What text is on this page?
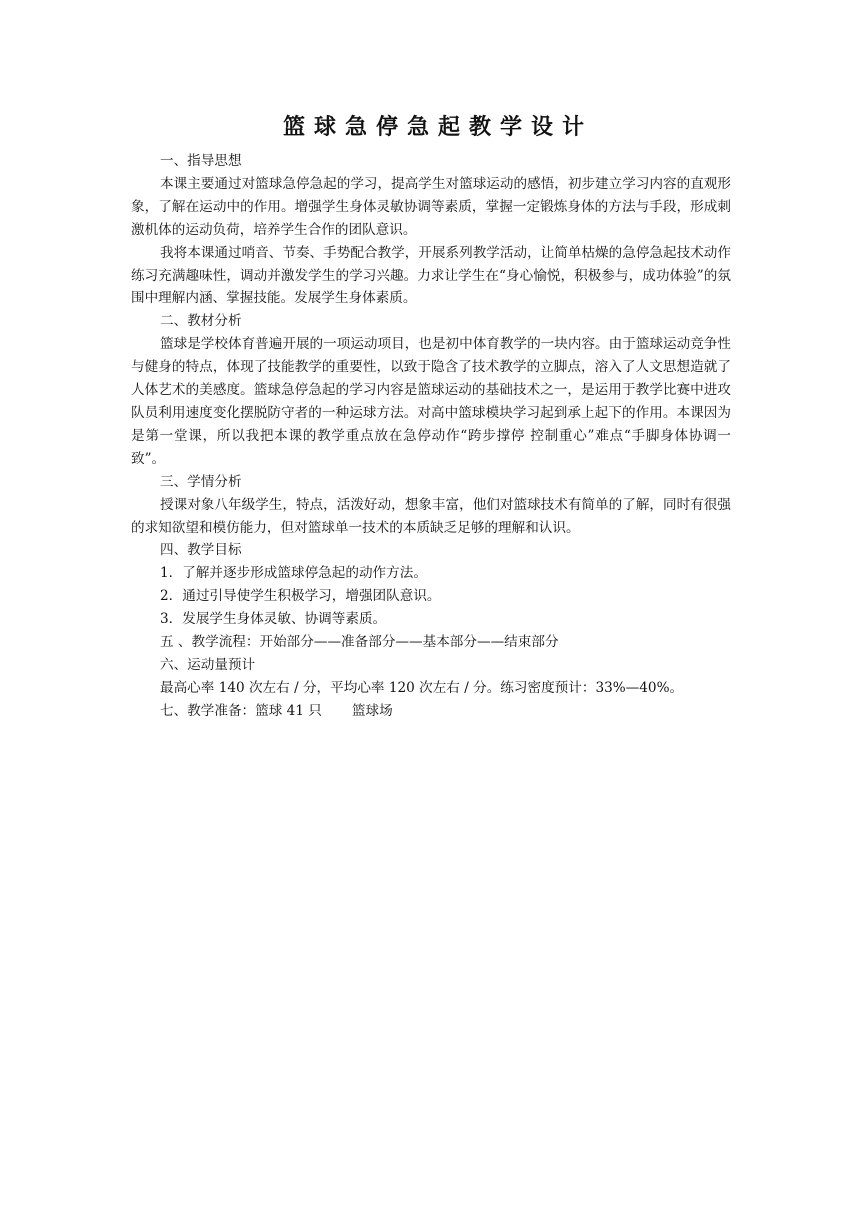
篮球急停急起教学设计

一、指导思想

本课主要通过对篮球急停急起的学习，提高学生对篮球运动的感悟，初步建立学习内容的直观形象，了解在运动中的作用。增强学生身体灵敏协调等素质，掌握一定锻炼身体的方法与手段，形成刺激机体的运动负荷，培养学生合作的团队意识。

我将本课通过哨音、节奏、手势配合教学，开展系列教学活动，让简单枯燥的急停急起技术动作练习充满趣味性，调动并激发学生的学习兴趣。力求让学生在“身心愉悦，积极参与，成功体验”的氛围中理解内涵、掌握技能。发展学生身体素质。

二、教材分析

篮球是学校体育普遍开展的一项运动项目，也是初中体育教学的一块内容。由于篮球运动竞争性与健身的特点，体现了技能教学的重要性，以致于隐含了技术教学的立脚点，溶入了人文思想造就了人体艺术的美感度。篮球急停急起的学习内容是篮球运动的基础技术之一，是运用于教学比赛中进攻队员利用速度变化摆脱防守者的一种运球方法。对高中篮球模块学习起到承上起下的作用。本课因为是第一堂课，所以我把本课的教学重点放在急停动作“跨步撑停 控制重心”难点“手脚身体协调一致”。

三、学情分析

授课对象八年级学生，特点，活泼好动，想象丰富，他们对篮球技术有简单的了解，同时有很强的求知欲望和模仿能力，但对篮球单一技术的本质缺乏足够的理解和认识。

四、教学目标

1．了解并逐步形成篮球停急起的动作方法。

2．通过引导使学生积极学习，增强团队意识。

3．发展学生身体灵敏、协调等素质。

五 、教学流程：开始部分——准备部分——基本部分——结束部分

六、运动量预计

最高心率 140 次左右 / 分，平均心率 120 次左右 / 分。练习密度预计：33%—40%。

七、教学准备：篮球 41 只 篮球场
